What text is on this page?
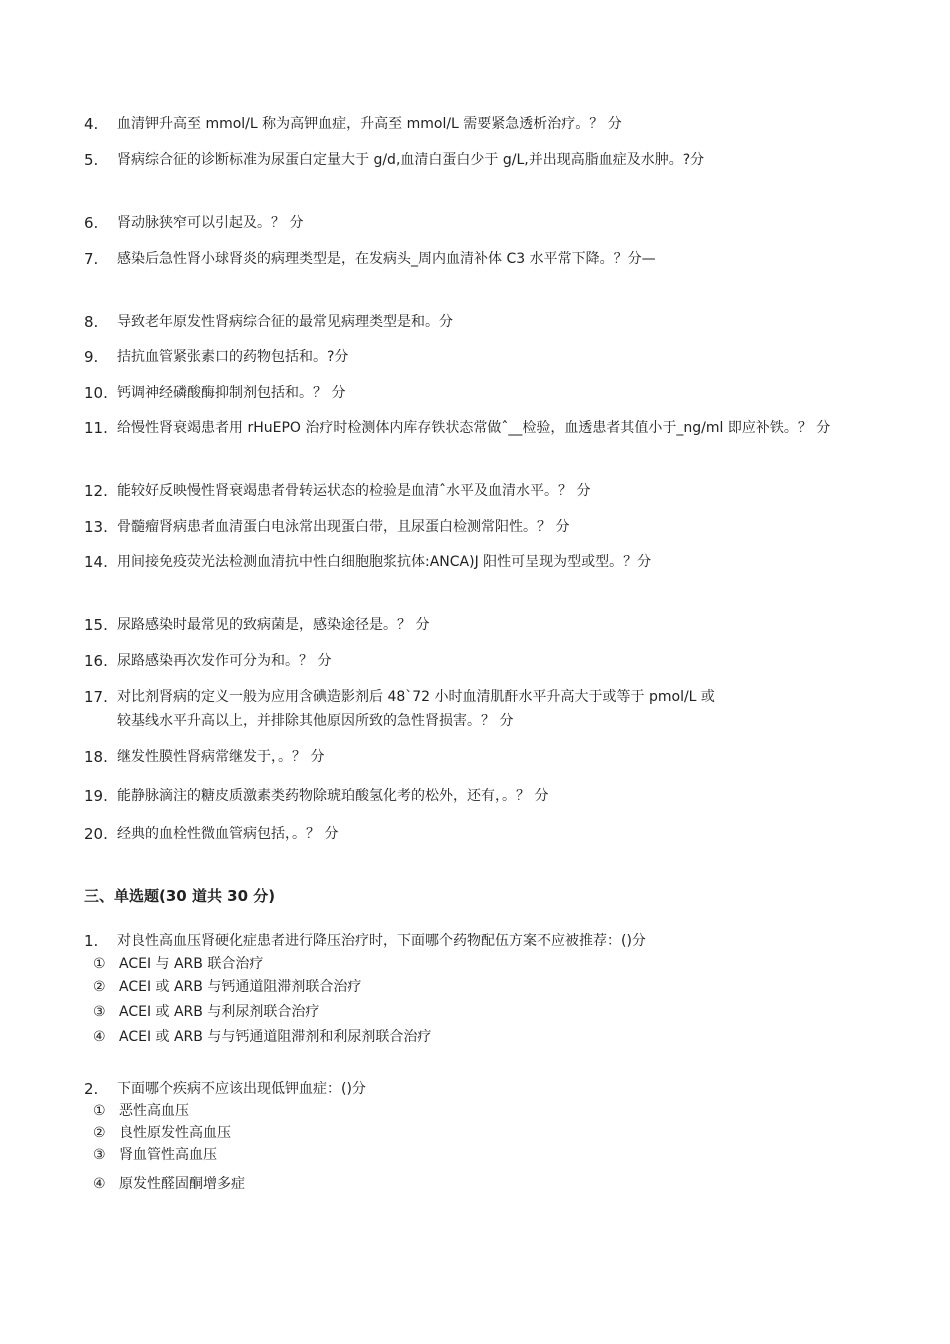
4. 血清钾升高至 mmol/L 称为高钾血症，升高至 mmol/L 需要紧急透析治疗。？ 分
5. 肾病综合征的诊断标准为尿蛋白定量大于 g/d,血清白蛋白少于 g/L,并出现高脂血症及水肿。?分
6. 肾动脉狭窄可以引起及。？ 分
7. 感染后急性肾小球肾炎的病理类型是，在发病头_周内血清补体 C3 水平常下降。？分—
8. 导致老年原发性肾病综合征的最常见病理类型是和。分
9. 拮抗血管紧张素口的药物包括和。?分
10. 钙调神经磷酸酶抑制剂包括和。？ 分
11. 给慢性肾衰竭患者用 rHuEPO 治疗时检测体内库存铁状态常做ˆ__检验，血透患者其值小于_ng/ml 即应补铁。？ 分
12. 能较好反映慢性肾衰竭患者骨转运状态的检验是血清ˆ水平及血清水平。？ 分
13. 骨髓瘤肾病患者血清蛋白电泳常出现蛋白带，且尿蛋白检测常阳性。？ 分
14. 用间接免疫荧光法检测血清抗中性白细胞胞浆抗体:ANCA)J 阳性可呈现为型或型。？分
15. 尿路感染时最常见的致病菌是，感染途径是。？ 分
16. 尿路感染再次发作可分为和。？ 分
17. 对比剂肾病的定义一般为应用含碘造影剂后 48`72 小时血清肌酐水平升高大于或等于 pmol/L 或较基线水平升高以上，并排除其他原因所致的急性肾损害。？ 分
18. 继发性膜性肾病常继发于，。？ 分
19. 能静脉滴注的糖皮质激素类药物除琥珀酸氢化考的松外，还有，。？ 分
20. 经典的血栓性微血管病包括，。？ 分
三、单选题(30 道共 30 分)
1. 对良性高血压肾硬化症患者进行降压治疗时，下面哪个药物配伍方案不应被推荐：()分
① ACEI 与 ARB 联合治疗
② ACEI 或 ARB 与钙通道阻滞剂联合治疗
③ ACEI 或 ARB 与利尿剂联合治疗
④ ACEI 或 ARB 与与钙通道阻滞剂和利尿剂联合治疗
2. 下面哪个疾病不应该出现低钾血症：()分
① 恶性高血压
② 良性原发性高血压
③ 肾血管性高血压
④ 原发性醛固酮增多症
